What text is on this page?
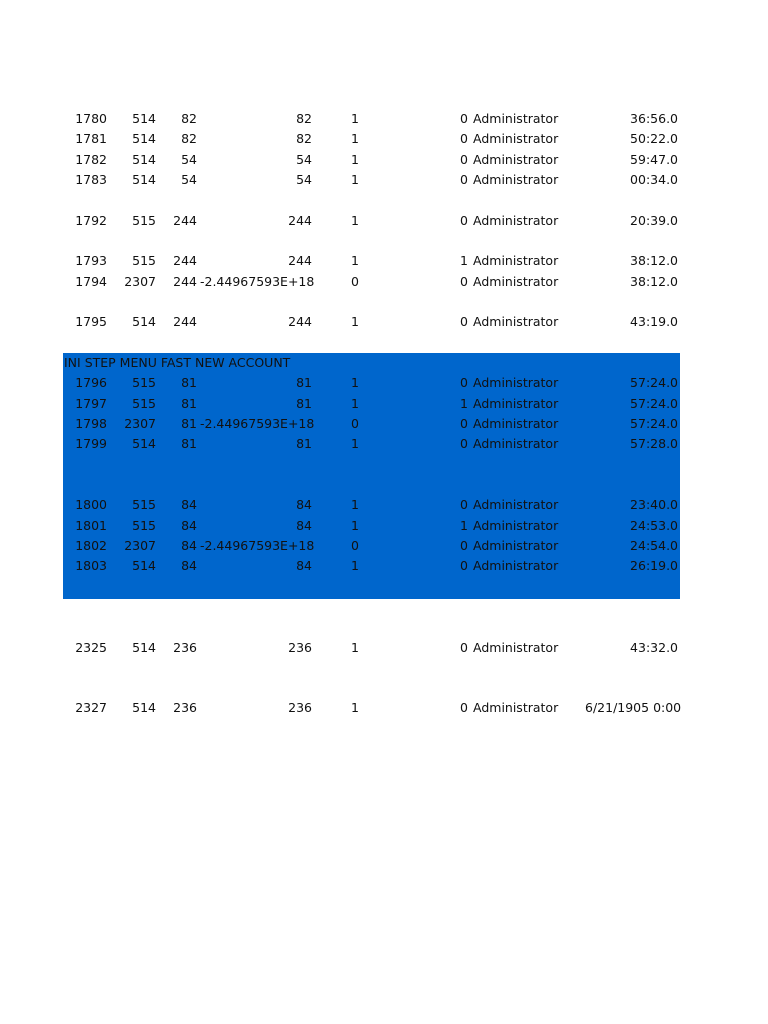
INI STEP MENU FAST NEW ACCOUNT
1780	514	82	82	1	0 Administrator	36:56.0
1781	514	82	82	1	0 Administrator	50:22.0
1782	514	54	54	1	0 Administrator	59:47.0
1783	514	54	54	1	0 Administrator	00:34.0
1792	515	244	244	1	0 Administrator	20:39.0
1793	515	244	244	1	1 Administrator	38:12.0
1794	2307	244 -2.44967593E+18	0	0 Administrator	38:12.0
1795	514	244	244	1	0 Administrator	43:19.0
1796	515	81	81	1	0 Administrator	57:24.0
1797	515	81	81	1	1 Administrator	57:24.0
1798	2307	81 -2.44967593E+18	0	0 Administrator	57:24.0
1799	514	81	81	1	0 Administrator	57:28.0
1800	515	84	84	1	0 Administrator	23:40.0
1801	515	84	84	1	1 Administrator	24:53.0
1802	2307	84 -2.44967593E+18	0	0 Administrator	24:54.0
1803	514	84	84	1	0 Administrator	26:19.0
2325	514	236	236	1	0 Administrator	43:32.0
2327	514	236	236	1	0 Administrator	6/21/1905 0:00
